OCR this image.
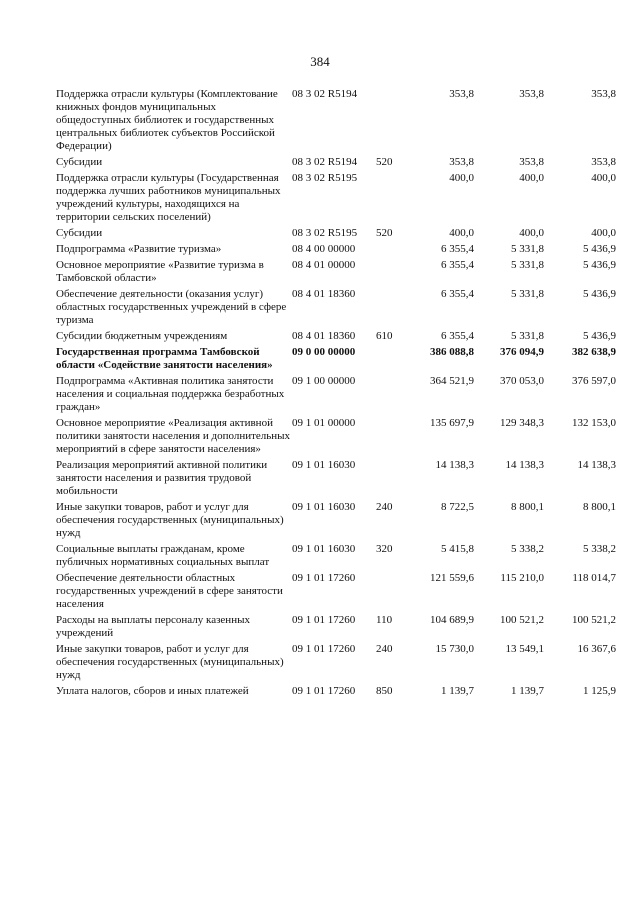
384
Поддержка отрасли культуры (Комплектование книжных фондов муниципальных общедоступных библиотек и государственных центральных библиотек субъектов Российской Федерации)	08 3 02 R5194		353,8	353,8	353,8
Субсидии	08 3 02 R5194	520	353,8	353,8	353,8
Поддержка отрасли культуры (Государственная поддержка лучших работников муниципальных учреждений культуры, находящихся на территории сельских поселений)	08 3 02 R5195		400,0	400,0	400,0
Субсидии	08 3 02 R5195	520	400,0	400,0	400,0
Подпрограмма «Развитие туризма»	08 4 00 00000		6 355,4	5 331,8	5 436,9
Основное мероприятие «Развитие туризма в Тамбовской области»	08 4 01 00000		6 355,4	5 331,8	5 436,9
Обеспечение деятельности (оказания услуг) областных государственных учреждений в сфере туризма	08 4 01 18360		6 355,4	5 331,8	5 436,9
Субсидии бюджетным учреждениям	08 4 01 18360	610	6 355,4	5 331,8	5 436,9
Государственная программа Тамбовской области «Содействие занятости населения»	09 0 00 00000		386 088,8	376 094,9	382 638,9
Подпрограмма «Активная политика занятости населения и социальная поддержка безработных граждан»	09 1 00 00000		364 521,9	370 053,0	376 597,0
Основное мероприятие «Реализация активной политики занятости населения и дополнительных мероприятий в сфере занятости населения»	09 1 01 00000		135 697,9	129 348,3	132 153,0
Реализация мероприятий активной политики занятости населения и развития трудовой мобильности	09 1 01 16030		14 138,3	14 138,3	14 138,3
Иные закупки товаров, работ и услуг для обеспечения государственных (муниципальных) нужд	09 1 01 16030	240	8 722,5	8 800,1	8 800,1
Социальные выплаты гражданам, кроме публичных нормативных социальных выплат	09 1 01 16030	320	5 415,8	5 338,2	5 338,2
Обеспечение деятельности областных государственных учреждений в сфере занятости населения	09 1 01 17260		121 559,6	115 210,0	118 014,7
Расходы на выплаты персоналу казенных учреждений	09 1 01 17260	110	104 689,9	100 521,2	100 521,2
Иные закупки товаров, работ и услуг для обеспечения государственных (муниципальных) нужд	09 1 01 17260	240	15 730,0	13 549,1	16 367,6
Уплата налогов, сборов и иных платежей	09 1 01 17260	850	1 139,7	1 139,7	1 125,9
